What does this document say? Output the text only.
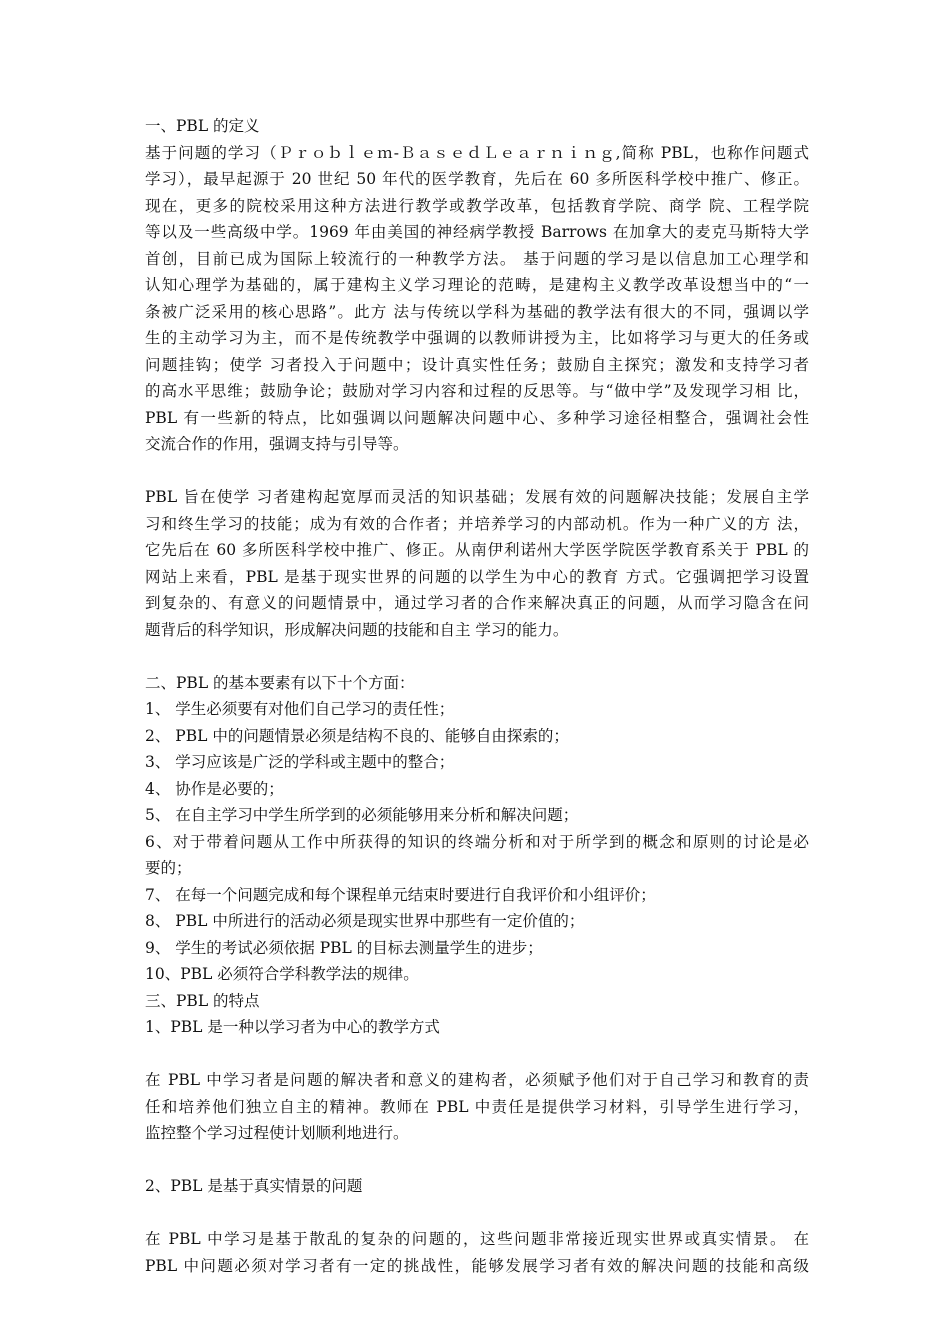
一、PBL 的定义
基于问题的学习（Ｐｒｏｂｌｅｍ-ＢａｓｅｄＬｅａｒｎｉｎｇ,简称 PBL，也称作问题式
学习），最早起源于 20 世纪 50 年代的医学教育，先后在 60 多所医科学校中推广、修正。
现在，更多的院校采用这种方法进行教学或教学改革，包括教育学院、商学 院、工程学院
等以及一些高级中学。1969 年由美国的神经病学教授 Barrows 在加拿大的麦克马斯特大学
首创，目前已成为国际上较流行的一种教学方法。 基于问题的学习是以信息加工心理学和
认知心理学为基础的，属于建构主义学习理论的范畴，是建构主义教学改革设想当中的“一
条被广泛采用的核心思路”。此方 法与传统以学科为基础的教学法有很大的不同，强调以学
生的主动学习为主，而不是传统教学中强调的以教师讲授为主，比如将学习与更大的任务或
问题挂钩；使学 习者投入于问题中；设计真实性任务；鼓励自主探究；激发和支持学习者
的高水平思维；鼓励争论；鼓励对学习内容和过程的反思等。与“做中学”及发现学习相 比，
PBL 有一些新的特点，比如强调以问题解决问题中心、多种学习途径相整合，强调社会性
交流合作的作用，强调支持与引导等。
PBL 旨在使学 习者建构起宽厚而灵活的知识基础；发展有效的问题解决技能；发展自主学
习和终生学习的技能；成为有效的合作者；并培养学习的内部动机。作为一种广义的方 法，
它先后在 60 多所医科学校中推广、修正。从南伊利诺州大学医学院医学教育系关于 PBL 的
网站上来看，PBL 是基于现实世界的问题的以学生为中心的教育 方式。它强调把学习设置
到复杂的、有意义的问题情景中，通过学习者的合作来解决真正的问题，从而学习隐含在问
题背后的科学知识，形成解决问题的技能和自主 学习的能力。
二、PBL 的基本要素有以下十个方面：
1、 学生必须要有对他们自己学习的责任性；
2、 PBL 中的问题情景必须是结构不良的、能够自由探索的；
3、 学习应该是广泛的学科或主题中的整合；
4、 协作是必要的；
5、 在自主学习中学生所学到的必须能够用来分析和解决问题；
6、对于带着问题从工作中所获得的知识的终端分析和对于所学到的概念和原则的讨论是必
要的；
7、 在每一个问题完成和每个课程单元结束时要进行自我评价和小组评价；
8、 PBL 中所进行的活动必须是现实世界中那些有一定价值的；
9、 学生的考试必须依据 PBL 的目标去测量学生的进步；
10、PBL 必须符合学科教学法的规律。
三、PBL 的特点
1、PBL 是一种以学习者为中心的教学方式
在 PBL 中学习者是问题的解决者和意义的建构者，必须赋予他们对于自己学习和教育的责
任和培养他们独立自主的精神。教师在 PBL 中责任是提供学习材料，引导学生进行学习，
监控整个学习过程使计划顺利地进行。
2、PBL 是基于真实情景的问题
在 PBL 中学习是基于散乱的复杂的问题的，这些问题非常接近现实世界或真实情景。 在
PBL 中问题必须对学习者有一定的挑战性，能够发展学习者有效的解决问题的技能和高级
